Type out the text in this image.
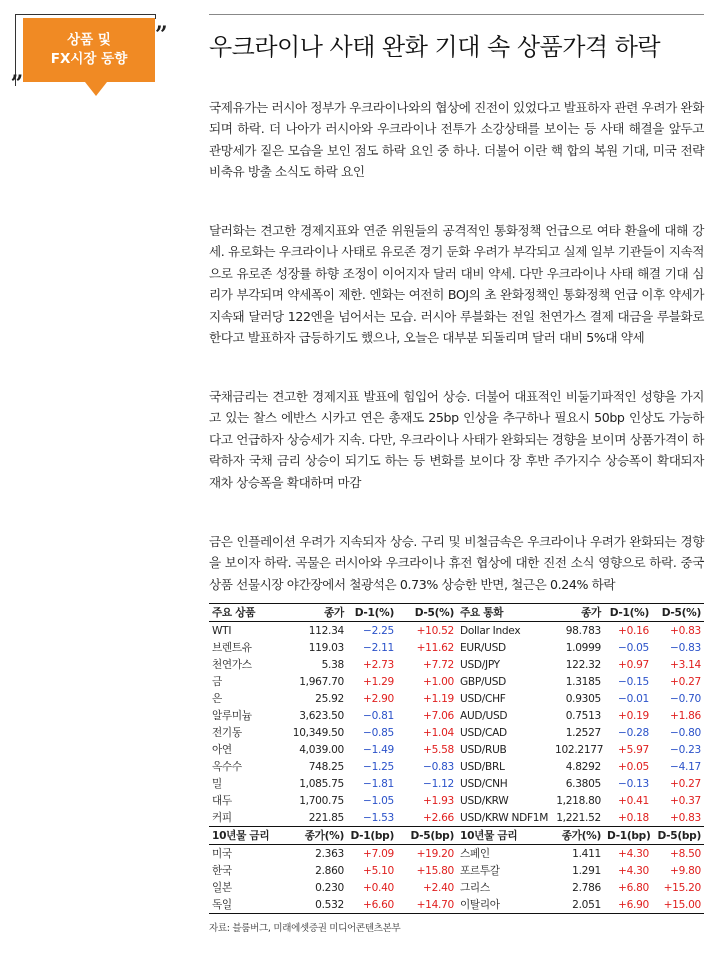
상품 및
FX시장 동향
”
„
우크라이나 사태 완화 기대 속 상품가격 하락

국제유가는 러시아 정부가 우크라이나와의 협상에 진전이 있었다고 발표하자 관련 우려가 완화되며 하락. 더 나아가 러시아와 우크라이나 전투가 소강상태를 보이는 등 사태 해결을 앞두고 관망세가 짙은 모습을 보인 점도 하락 요인 중 하나. 더불어 이란 핵 합의 복원 기대, 미국 전략비축유 방출 소식도 하락 요인

달러화는 견고한 경제지표와 연준 위원들의 공격적인 통화정책 언급으로 여타 환율에 대해 강세. 유로화는 우크라이나 사태로 유로존 경기 둔화 우려가 부각되고 실제 일부 기관들이 지속적으로 유로존 성장률 하향 조정이 이어지자 달러 대비 약세. 다만 우크라이나 사태 해결 기대 심리가 부각되며 약세폭이 제한. 엔화는 여전히 BOJ의 초 완화정책인 통화정책 언급 이후 약세가 지속돼 달러당 122엔을 넘어서는 모습. 러시아 루블화는 전일 천연가스 결제 대금을 루블화로 한다고 발표하자 급등하기도 했으나, 오늘은 대부분 되돌리며 달러 대비 5%대 약세

국채금리는 견고한 경제지표 발표에 힘입어 상승. 더불어 대표적인 비둘기파적인 성향을 가지고 있는 찰스 에반스 시카고 연은 총재도 25bp 인상을 추구하나 필요시 50bp 인상도 가능하다고 언급하자 상승세가 지속. 다만, 우크라이나 사태가 완화되는 경향을 보이며 상품가격이 하락하자 국채 금리 상승이 되기도 하는 등 변화를 보이다 장 후반 주가지수 상승폭이 확대되자 재차 상승폭을 확대하며 마감

금은 인플레이션 우려가 지속되자 상승. 구리 및 비철금속은 우크라이나 우려가 완화되는 경향을 보이자 하락. 곡물은 러시아와 우크라이나 휴전 협상에 대한 진전 소식 영향으로 하락. 중국 상품 선물시장 야간장에서 철광석은 0.73% 상승한 반면, 철근은 0.24% 하락

주요 상품	종가	D-1(%)	D-5(%)	주요 통화	종가	D-1(%)	D-5(%)
WTI	112.34	−2.25	+10.52	Dollar Index	98.783	+0.16	+0.83
브렌트유	119.03	−2.11	+11.62	EUR/USD	1.0999	−0.05	−0.83
천연가스	5.38	+2.73	+7.72	USD/JPY	122.32	+0.97	+3.14
금	1,967.70	+1.29	+1.00	GBP/USD	1.3185	−0.15	+0.27
은	25.92	+2.90	+1.19	USD/CHF	0.9305	−0.01	−0.70
알루미늄	3,623.50	−0.81	+7.06	AUD/USD	0.7513	+0.19	+1.86
전기동	10,349.50	−0.85	+1.04	USD/CAD	1.2527	−0.28	−0.80
아연	4,039.00	−1.49	+5.58	USD/RUB	102.2177	+5.97	−0.23
옥수수	748.25	−1.25	−0.83	USD/BRL	4.8292	+0.05	−4.17
밀	1,085.75	−1.81	−1.12	USD/CNH	6.3805	−0.13	+0.27
대두	1,700.75	−1.05	+1.93	USD/KRW	1,218.80	+0.41	+0.37
커피	221.85	−1.53	+2.66	USD/KRW NDF1M	1,221.52	+0.18	+0.83
10년물 금리	종가(%)	D-1(bp)	D-5(bp)	10년물 금리	종가(%)	D-1(bp)	D-5(bp)
미국	2.363	+7.09	+19.20	스페인	1.411	+4.30	+8.50
한국	2.860	+5.10	+15.80	포르투갈	1.291	+4.30	+9.80
일본	0.230	+0.40	+2.40	그리스	2.786	+6.80	+15.20
독일	0.532	+6.60	+14.70	이탈리아	2.051	+6.90	+15.00
자료: 블룸버그, 미래에셋증권 미디어콘텐츠본부
